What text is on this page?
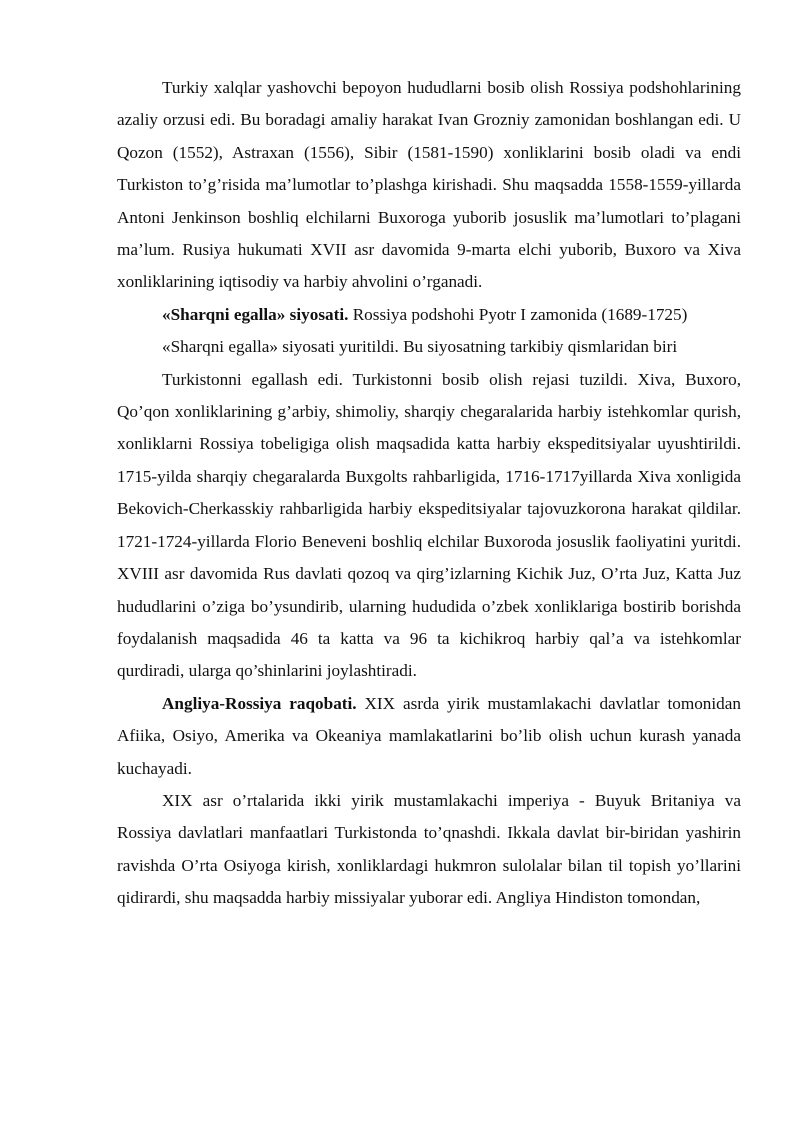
Turkiy xalqlar yashovchi bepoyon hududlarni bosib olish Rossiya podshohlarining azaliy orzusi edi. Bu boradagi amaliy harakat Ivan Grozniy zamonidan boshlangan edi. U Qozon (1552), Astraxan (1556), Sibir (1581-1590) xonliklarini bosib oladi va endi Turkiston to’g’risida ma’lumotlar to’plashga kirishadi. Shu maqsadda 1558-1559-yillarda Antoni Jenkinson boshliq elchilarni Buxoroga yuborib josuslik ma’lumotlari to’plagani ma’lum. Rusiya hukumati XVII asr davomida 9-marta elchi yuborib, Buxoro va Xiva xonliklarining iqtisodiy va harbiy ahvolini o’rganadi.

«Sharqni egalla» siyosati. Rossiya podshohi Pyotr I zamonida (1689-1725)

«Sharqni egalla» siyosati yuritildi. Bu siyosatning tarkibiy qismlaridan biri

Turkistonni egallash edi. Turkistonni bosib olish rejasi tuzildi. Xiva, Buxoro, Qo’qon xonliklarining g’arbiy, shimoliy, sharqiy chegaralarida harbiy istehkomlar qurish, xonliklarni Rossiya tobeligiga olish maqsadida katta harbiy ekspeditsiyalar uyushtirildi. 1715-yilda sharqiy chegaralarda Buxgolts rahbarligida, 1716-1717yillarda Xiva xonligida Bekovich-Cherkasskiy rahbarligida harbiy ekspeditsiyalar tajovuzkorona harakat qildilar. 1721-1724-yillarda Florio Beneveni boshliq elchilar Buxoroda josuslik faoliyatini yuritdi. XVIII asr davomida Rus davlati qozoq va qirg’izlarning Kichik Juz, O’rta Juz, Katta Juz hududlarini o’ziga bo’ysundirib, ularning hududida o’zbek xonliklariga bostirib borishda foydalanish maqsadida 46 ta katta va 96 ta kichikroq harbiy qal’a va istehkomlar qurdiradi, ularga qo’shinlarini joylashtiradi.

Angliya-Rossiya raqobati. XIX asrda yirik mustamlakachi davlatlar tomonidan Afiika, Osiyo, Amerika va Okeaniya mamlakatlarini bo’lib olish uchun kurash yanada kuchayadi.

XIX asr o’rtalarida ikki yirik mustamlakachi imperiya - Buyuk Britaniya va Rossiya davlatlari manfaatlari Turkistonda to’qnashdi. Ikkala davlat bir-biridan yashirin ravishda O’rta Osiyoga kirish, xonliklardagi hukmron sulolalar bilan til topish yo’llarini qidirardi, shu maqsadda harbiy missiyalar yuborar edi. Angliya Hindiston tomondan,
